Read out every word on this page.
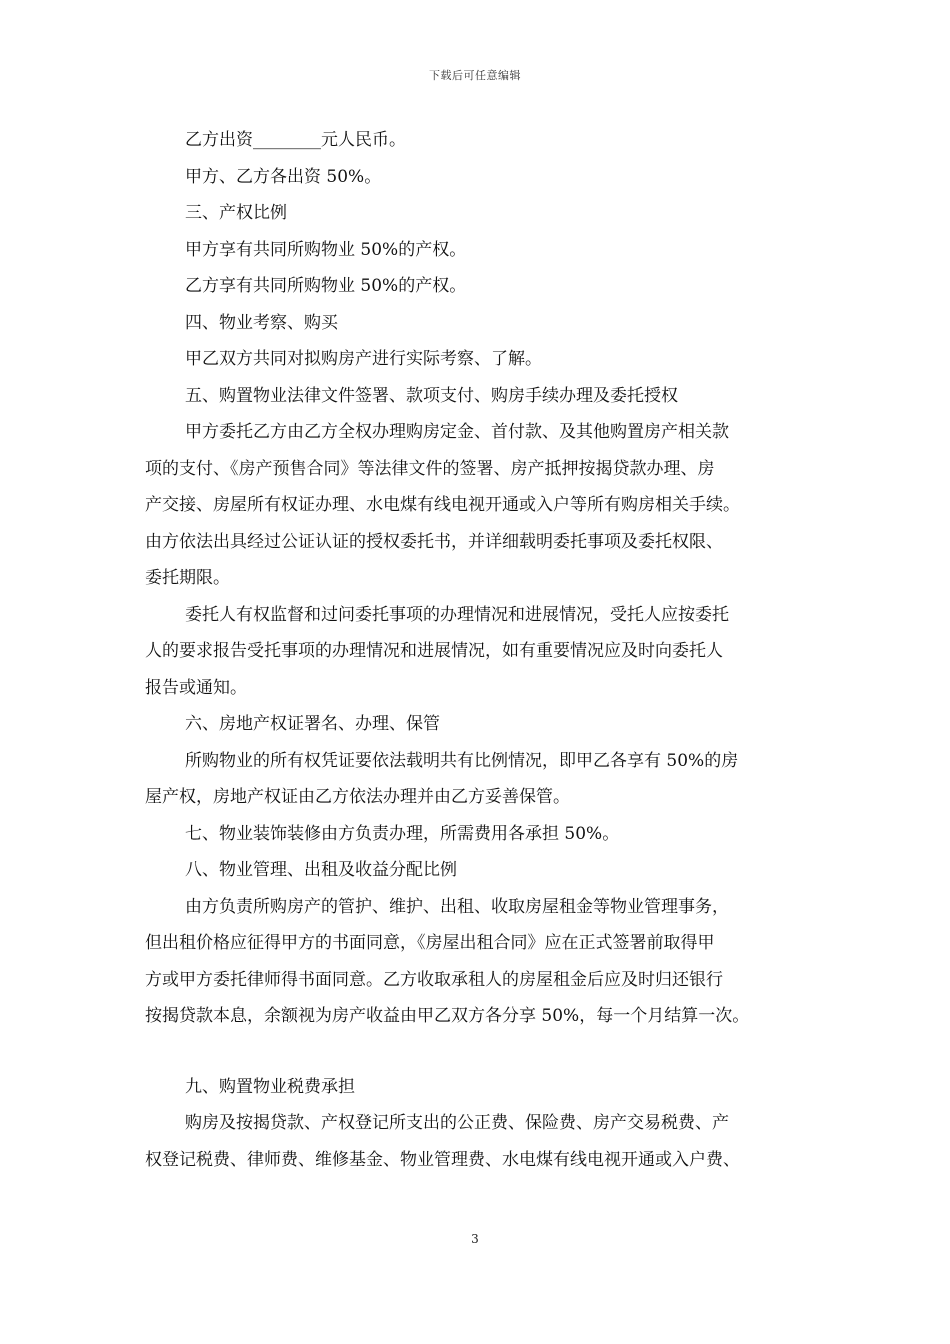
下载后可任意编辑

乙方出资________元人民币。

甲方、乙方各出资 50%。

三、产权比例

甲方享有共同所购物业 50%的产权。

乙方享有共同所购物业 50%的产权。

四、物业考察、购买

甲乙双方共同对拟购房产进行实际考察、了解。

五、购置物业法律文件签署、款项支付、购房手续办理及委托授权

甲方委托乙方由乙方全权办理购房定金、首付款、及其他购置房产相关款

项的支付、《房产预售合同》等法律文件的签署、房产抵押按揭贷款办理、房

产交接、房屋所有权证办理、水电煤有线电视开通或入户等所有购房相关手续。

由方依法出具经过公证认证的授权委托书，并详细载明委托事项及委托权限、

委托期限。

委托人有权监督和过问委托事项的办理情况和进展情况，受托人应按委托

人的要求报告受托事项的办理情况和进展情况，如有重要情况应及时向委托人

报告或通知。

六、房地产权证署名、办理、保管

所购物业的所有权凭证要依法载明共有比例情况，即甲乙各享有 50%的房

屋产权，房地产权证由乙方依法办理并由乙方妥善保管。

七、物业装饰装修由方负责办理，所需费用各承担 50%。

八、物业管理、出租及收益分配比例

由方负责所购房产的管护、维护、出租、收取房屋租金等物业管理事务，

但出租价格应征得甲方的书面同意，《房屋出租合同》应在正式签署前取得甲

方或甲方委托律师得书面同意。乙方收取承租人的房屋租金后应及时归还银行

按揭贷款本息，余额视为房产收益由甲乙双方各分享 50%，每一个月结算一次。

九、购置物业税费承担

购房及按揭贷款、产权登记所支出的公正费、保险费、房产交易税费、产

权登记税费、律师费、维修基金、物业管理费、水电煤有线电视开通或入户费、

3
